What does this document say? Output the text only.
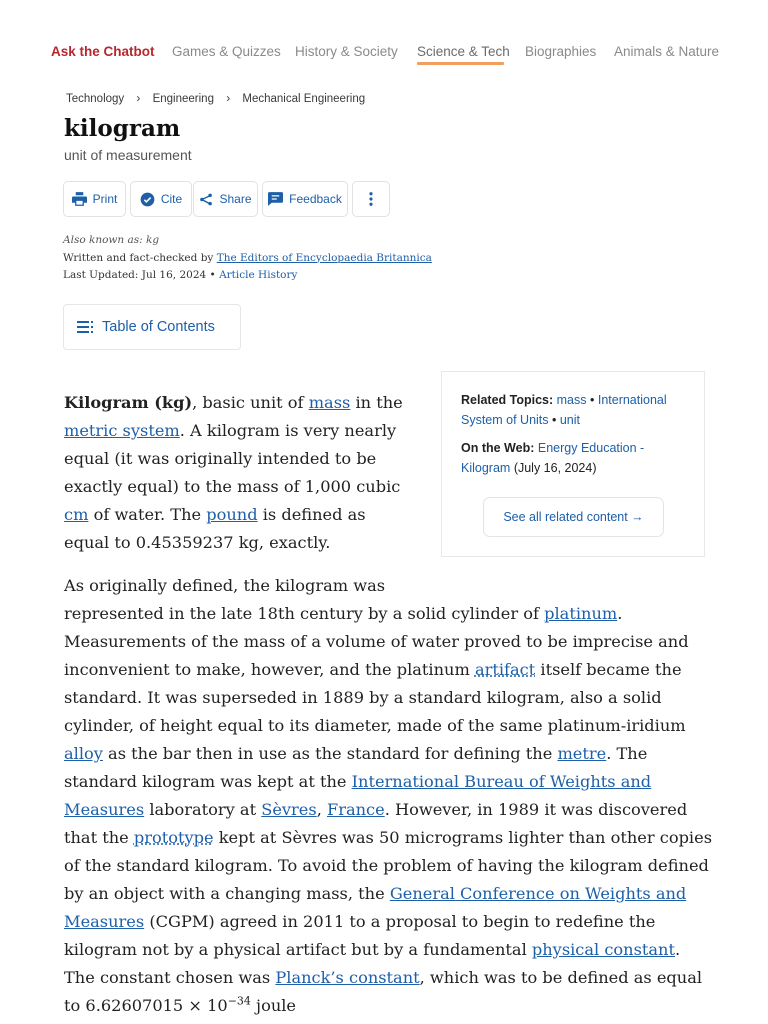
Ask the Chatbot Games & Quizzes History & Society Science & Tech Biographies Animals & Nature
Technology › Engineering › Mechanical Engineering
kilogram
unit of measurement
Print	Cite	Share	Feedback
Also known as: kg
Written and fact-checked by The Editors of Encyclopaedia Britannica
Last Updated: Jul 16, 2024 • Article History
Table of Contents
Related Topics: mass • International System of Units • unit
On the Web: Energy Education - Kilogram (July 16, 2024)
See all related content →

Kilogram (kg), basic unit of mass in the metric system. A kilogram is very nearly equal (it was originally intended to be exactly equal) to the mass of 1,000 cubic cm of water. The pound is defined as equal to 0.45359237 kg, exactly.

As originally defined, the kilogram was

represented in the late 18th century by a solid cylinder of platinum. Measurements of the mass of a volume of water proved to be imprecise and inconvenient to make, however, and the platinum artifact itself became the standard. It was superseded in 1889 by a standard kilogram, also a solid cylinder, of height equal to its diameter, made of the same platinum-iridium alloy as the bar then in use as the standard for defining the metre. The standard kilogram was kept at the International Bureau of Weights and Measures laboratory at Sèvres, France. However, in 1989 it was discovered that the prototype kept at Sèvres was 50 micrograms lighter than other copies of the standard kilogram. To avoid the problem of having the kilogram defined by an object with a changing mass, the General Conference on Weights and Measures (CGPM) agreed in 2011 to a proposal to begin to redefine the kilogram not by a physical artifact but by a fundamental physical constant. The constant chosen was Planck’s constant, which was to be defined as equal to $6.62607015 \times 10^{-34}$ joule
